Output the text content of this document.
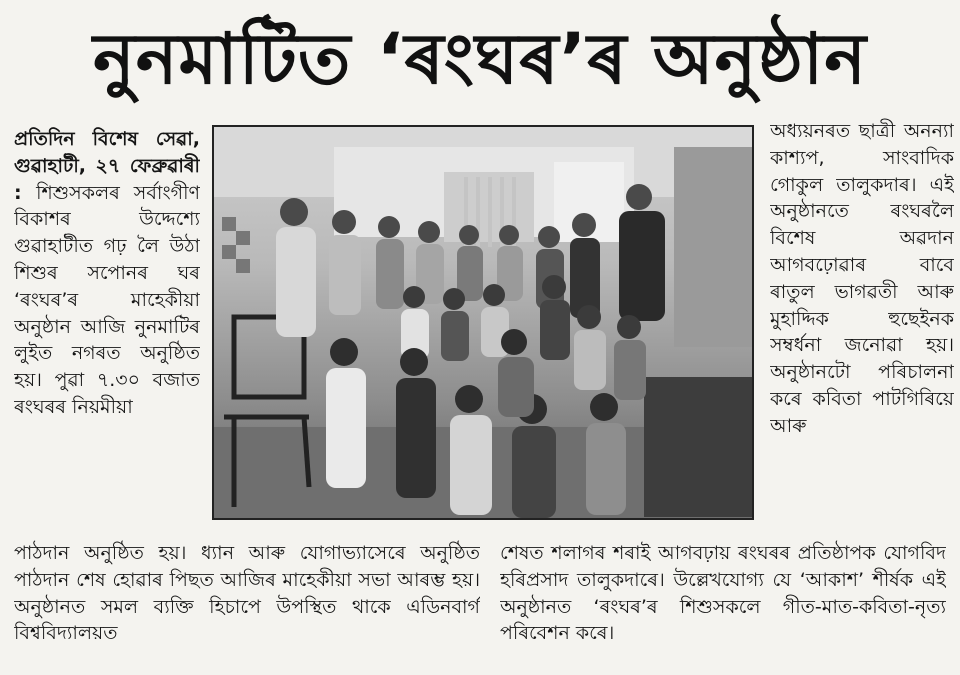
নুনমাটিত ‘ৰংঘৰ’ৰ অনুষ্ঠান
প্ৰতিদিন বিশেষ সেৱা, গুৱাহাটী, ২৭ ফেব্ৰুৱাৰী : শিশুসকলৰ সৰ্বাংগীণ বিকাশৰ উদ্দেশ্যে গুৱাহাটীত গঢ় লৈ উঠা শিশুৰ সপোনৰ ঘৰ ‘ৰংঘৰ’ৰ মাহেকীয়া অনুষ্ঠান আজি নুনমাটিৰ লুইত নগৰত অনুষ্ঠিত হয়। পুৱা ৭.৩০ বজাত ৰংঘৰৰ নিয়মীয়া
অধ্যয়নৰত ছাত্ৰী অনন্যা কাশ্যপ, সাংবাদিক গোকুল তালুকদাৰ। এই অনুষ্ঠানতে ৰংঘৰলৈ বিশেষ অৱদান আগবঢ়োৱাৰ বাবে ৰাতুল ভাগৱতী আৰু মুহাদ্দিক হুছেইনক সম্বৰ্ধনা জনোৱা হয়। অনুষ্ঠানটো পৰিচালনা কৰে কবিতা পাটগিৰিয়ে আৰু
পাঠদান অনুষ্ঠিত হয়। ধ্যান আৰু যোগাভ্যাসেৰে অনুষ্ঠিত পাঠদান শেষ হোৱাৰ পিছত আজিৰ মাহেকীয়া সভা আৰম্ভ হয়। অনুষ্ঠানত সমল ব্যক্তি হিচাপে উপস্থিত থাকে এডিনবাৰ্গ বিশ্ববিদ্যালয়ত
শেষত শলাগৰ শৰাই আগবঢ়ায় ৰংঘৰৰ প্ৰতিষ্ঠাপক যোগবিদ হৰিপ্ৰসাদ তালুকদাৰে। উল্লেখযোগ্য যে ‘আকাশ’ শীৰ্ষক এই অনুষ্ঠানত ‘ৰংঘৰ’ৰ শিশুসকলে গীত-মাত-কবিতা-নৃত্য পৰিবেশন কৰে।
